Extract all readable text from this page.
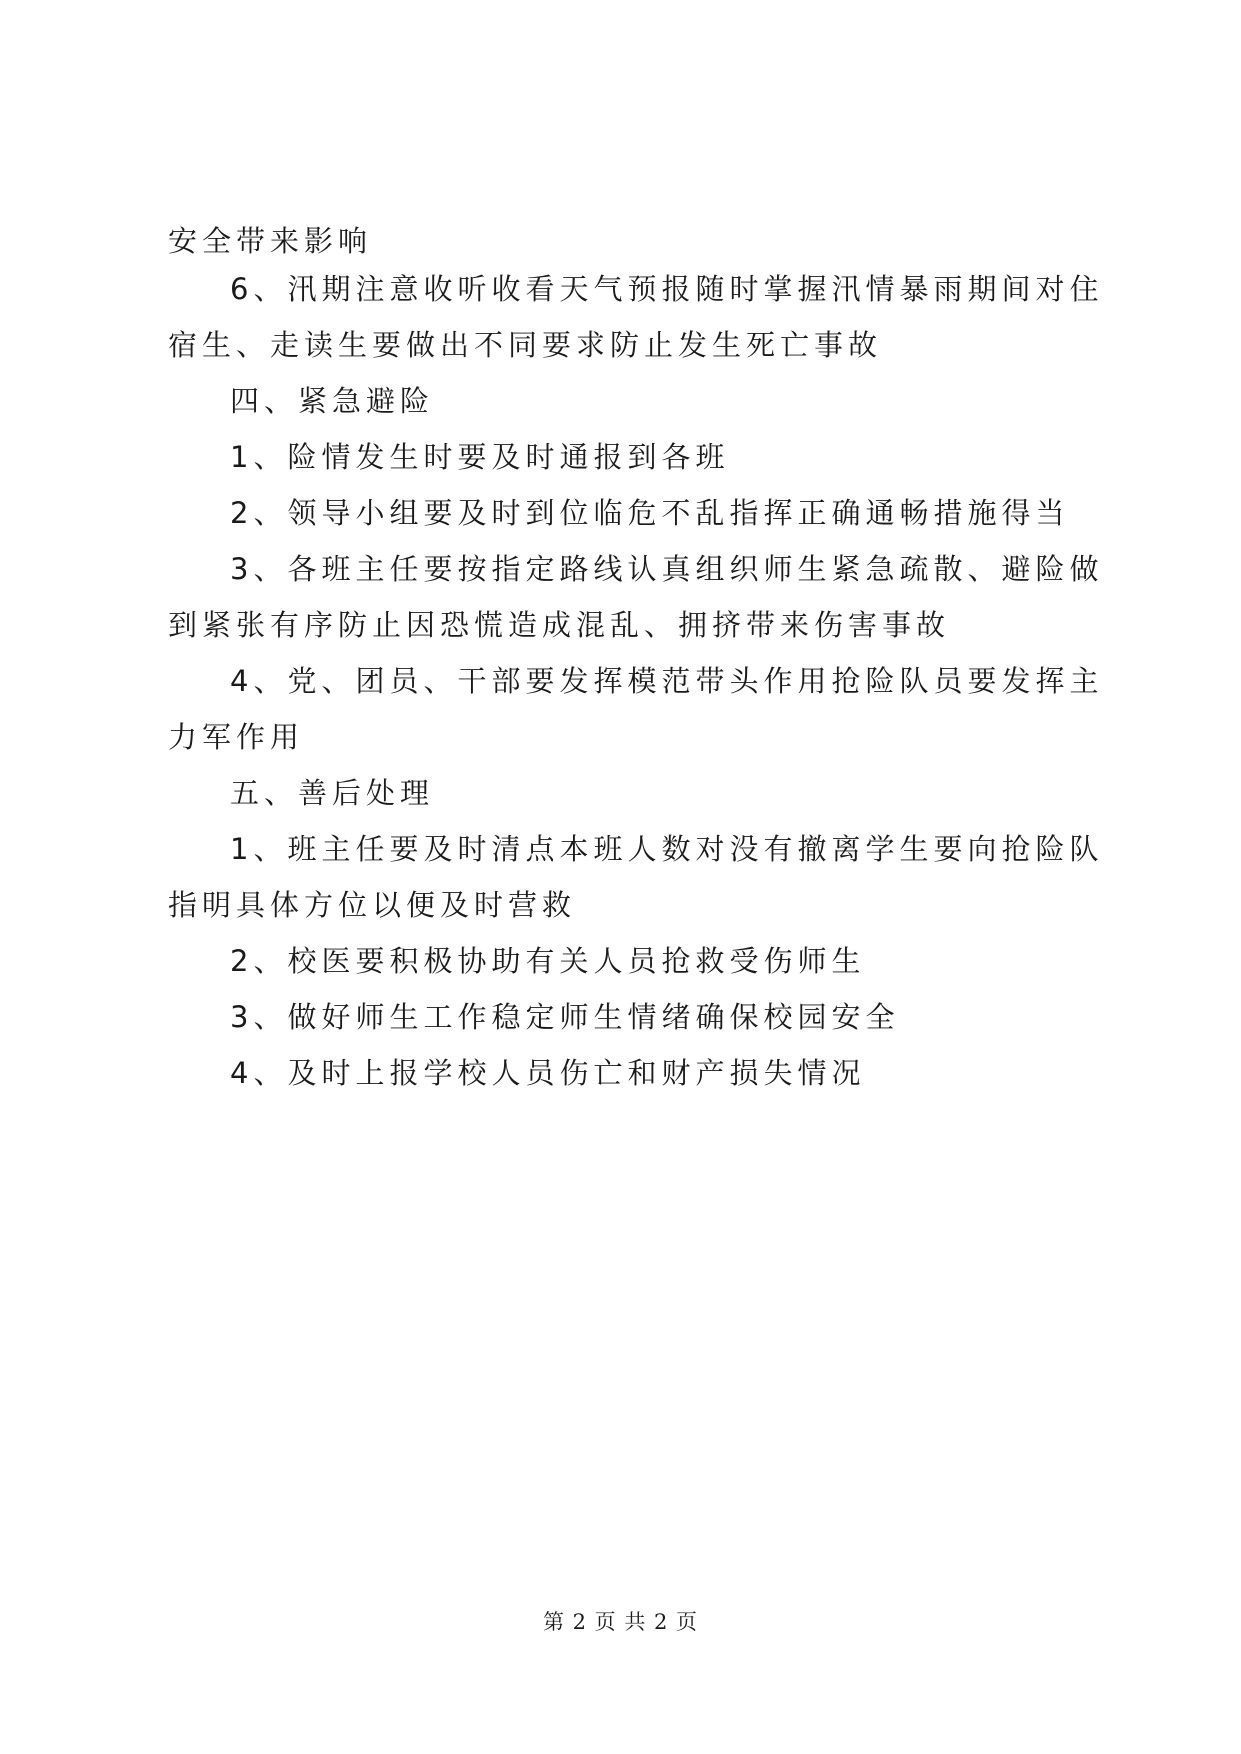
安全带来影响
6、汛期注意收听收看天气预报随时掌握汛情暴雨期间对住
宿生、走读生要做出不同要求防止发生死亡事故
四、紧急避险
1、险情发生时要及时通报到各班
2、领导小组要及时到位临危不乱指挥正确通畅措施得当
3、各班主任要按指定路线认真组织师生紧急疏散、避险做
到紧张有序防止因恐慌造成混乱、拥挤带来伤害事故
4、党、团员、干部要发挥模范带头作用抢险队员要发挥主
力军作用
五、善后处理
1、班主任要及时清点本班人数对没有撤离学生要向抢险队
指明具体方位以便及时营救
2、校医要积极协助有关人员抢救受伤师生
3、做好师生工作稳定师生情绪确保校园安全
4、及时上报学校人员伤亡和财产损失情况
第 2 页 共 2 页
